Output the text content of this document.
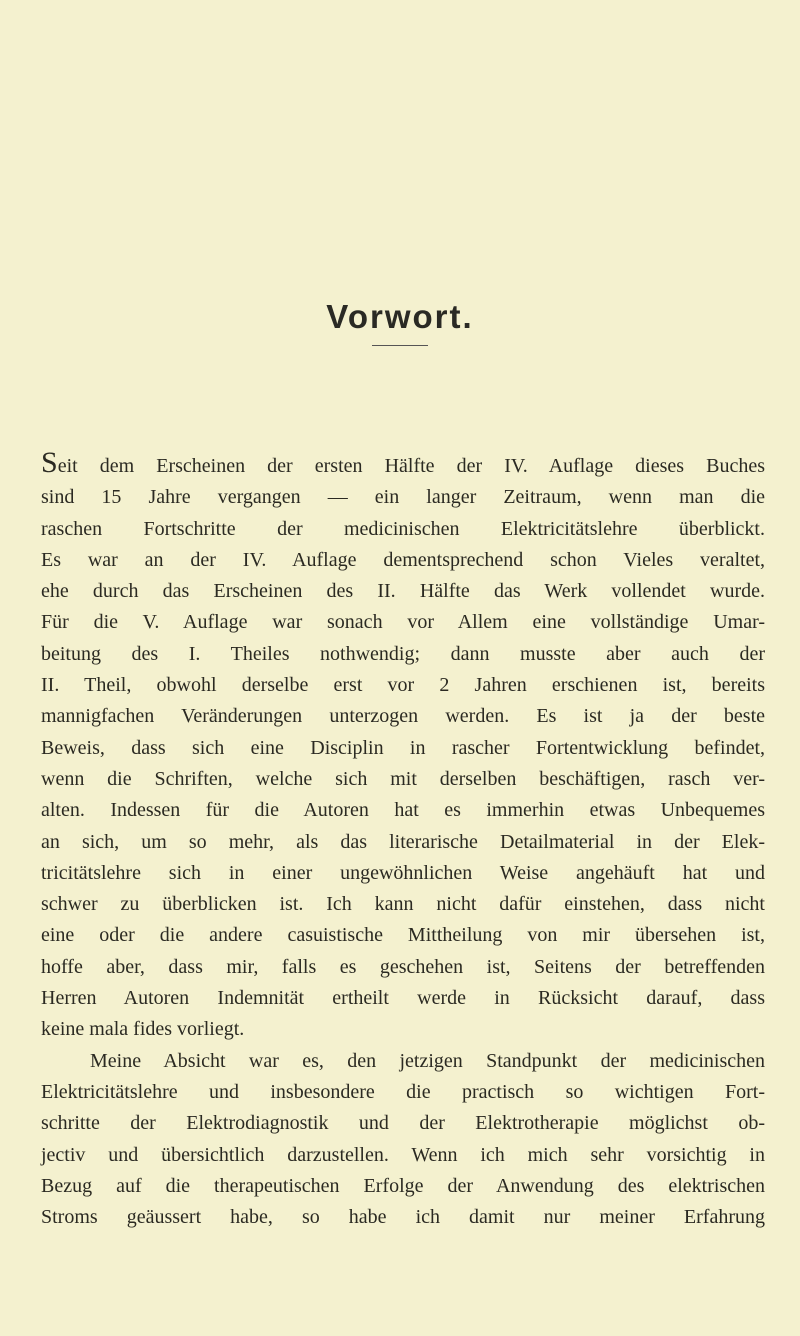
Vorwort.
Seit dem Erscheinen der ersten Hälfte der IV. Auflage dieses Buches
sind 15 Jahre vergangen — ein langer Zeitraum, wenn man die
raschen Fortschritte der medicinischen Elektricitätslehre überblickt.
Es war an der IV. Auflage dementsprechend schon Vieles veraltet,
ehe durch das Erscheinen des II. Hälfte das Werk vollendet wurde.
Für die V. Auflage war sonach vor Allem eine vollständige Umar-
beitung des I. Theiles nothwendig; dann musste aber auch der
II. Theil, obwohl derselbe erst vor 2 Jahren erschienen ist, bereits
mannigfachen Veränderungen unterzogen werden. Es ist ja der beste
Beweis, dass sich eine Disciplin in rascher Fortentwicklung befindet,
wenn die Schriften, welche sich mit derselben beschäftigen, rasch ver-
alten. Indessen für die Autoren hat es immerhin etwas Unbequemes
an sich, um so mehr, als das literarische Detailmaterial in der Elek-
tricitätslehre sich in einer ungewöhnlichen Weise angehäuft hat und
schwer zu überblicken ist. Ich kann nicht dafür einstehen, dass nicht
eine oder die andere casuistische Mittheilung von mir übersehen ist,
hoffe aber, dass mir, falls es geschehen ist, Seitens der betreffenden
Herren Autoren Indemnität ertheilt werde in Rücksicht darauf, dass
keine mala fides vorliegt.
Meine Absicht war es, den jetzigen Standpunkt der medicinischen
Elektricitätslehre und insbesondere die practisch so wichtigen Fort-
schritte der Elektrodiagnostik und der Elektrotherapie möglichst ob-
jectiv und übersichtlich darzustellen. Wenn ich mich sehr vorsichtig in
Bezug auf die therapeutischen Erfolge der Anwendung des elektrischen
Stroms geäussert habe, so habe ich damit nur meiner Erfahrung
